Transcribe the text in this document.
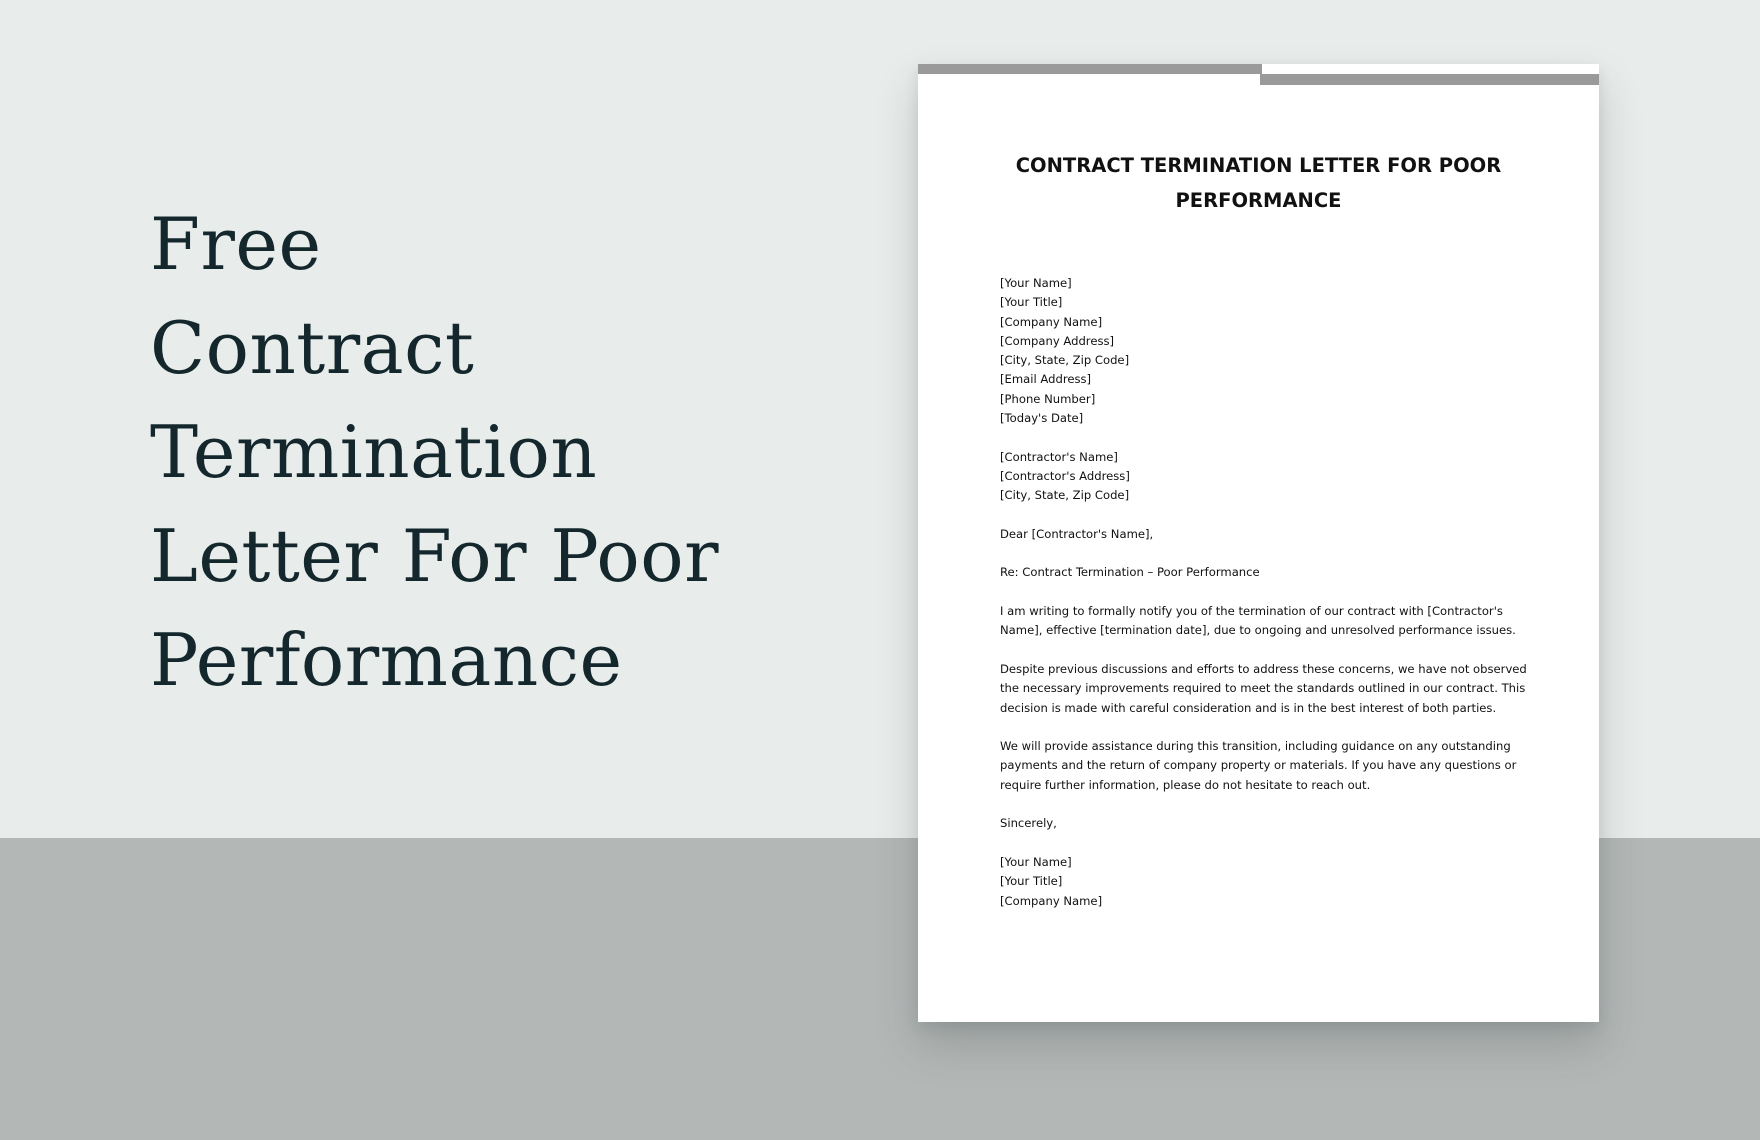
Free
Contract
Termination
Letter For Poor
Performance
CONTRACT TERMINATION LETTER FOR POOR PERFORMANCE
[Your Name]
[Your Title]
[Company Name]
[Company Address]
[City, State, Zip Code]
[Email Address]
[Phone Number]
[Today's Date]
[Contractor's Name]
[Contractor's Address]
[City, State, Zip Code]
Dear [Contractor's Name],
Re: Contract Termination – Poor Performance

I am writing to formally notify you of the termination of our contract with [Contractor's
Name], effective [termination date], due to ongoing and unresolved performance issues.

Despite previous discussions and efforts to address these concerns, we have not observed
the necessary improvements required to meet the standards outlined in our contract. This
decision is made with careful consideration and is in the best interest of both parties.

We will provide assistance during this transition, including guidance on any outstanding
payments and the return of company property or materials. If you have any questions or
require further information, please do not hesitate to reach out.

Sincerely,
[Your Name]
[Your Title]
[Company Name]
